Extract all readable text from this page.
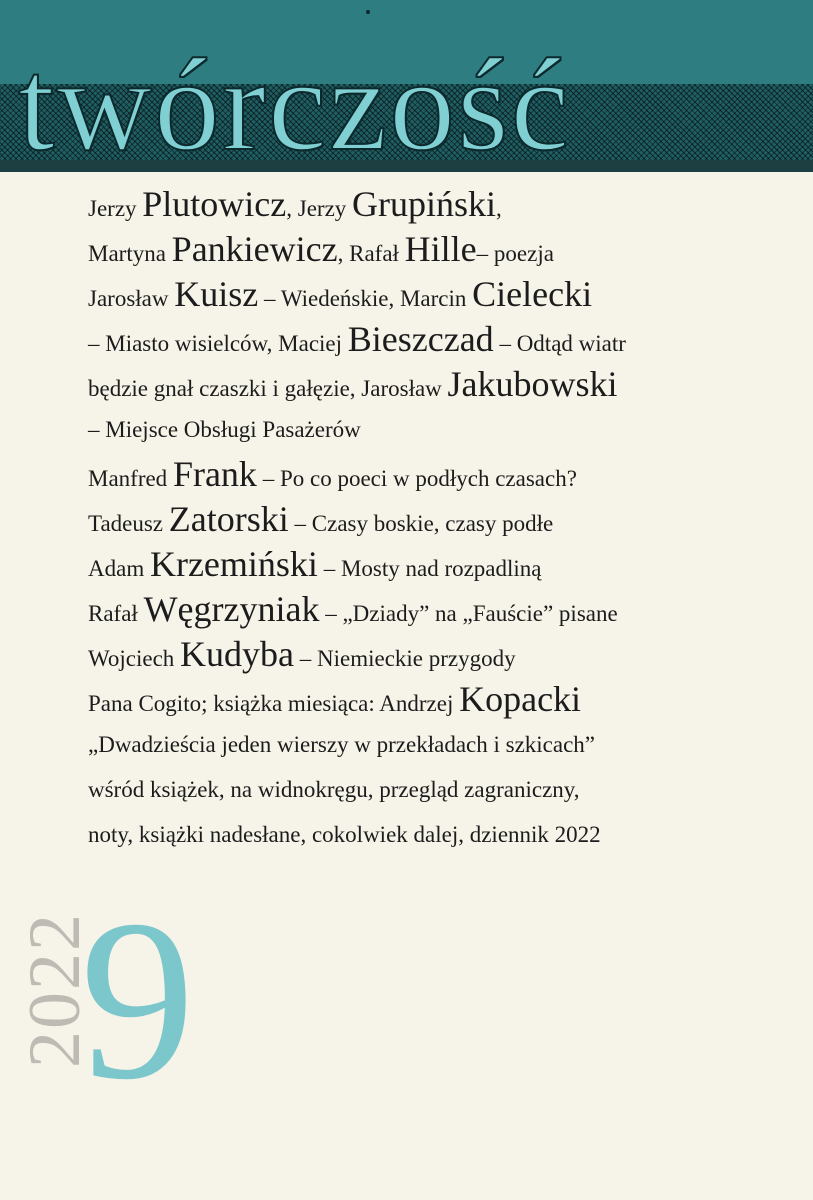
twórczość
Jerzy Plutowicz, Jerzy Grupiński,
Martyna Pankiewicz, Rafał Hille– poezja
Jarosław Kuisz – Wiedeńskie, Marcin Cielecki
– Miasto wisielców, Maciej Bieszczad – Odtąd wiatr
będzie gnał czaszki i gałęzie, Jarosław Jakubowski
– Miejsce Obsługi Pasażerów
Manfred Frank – Po co poeci w podłych czasach?
Tadeusz Zatorski – Czasy boskie, czasy podłe
Adam Krzemiński – Mosty nad rozpadliną
Rafał Węgrzyniak – „Dziady” na „Fauście” pisane
Wojciech Kudyba – Niemieckie przygody
Pana Cogito; książka miesiąca: Andrzej Kopacki
„Dwadzieścia jeden wierszy w przekładach i szkicach”
wśród książek, na widnokręgu, przegląd zagraniczny,
noty, książki nadesłane, cokolwiek dalej, dziennik 2022
2022
9
